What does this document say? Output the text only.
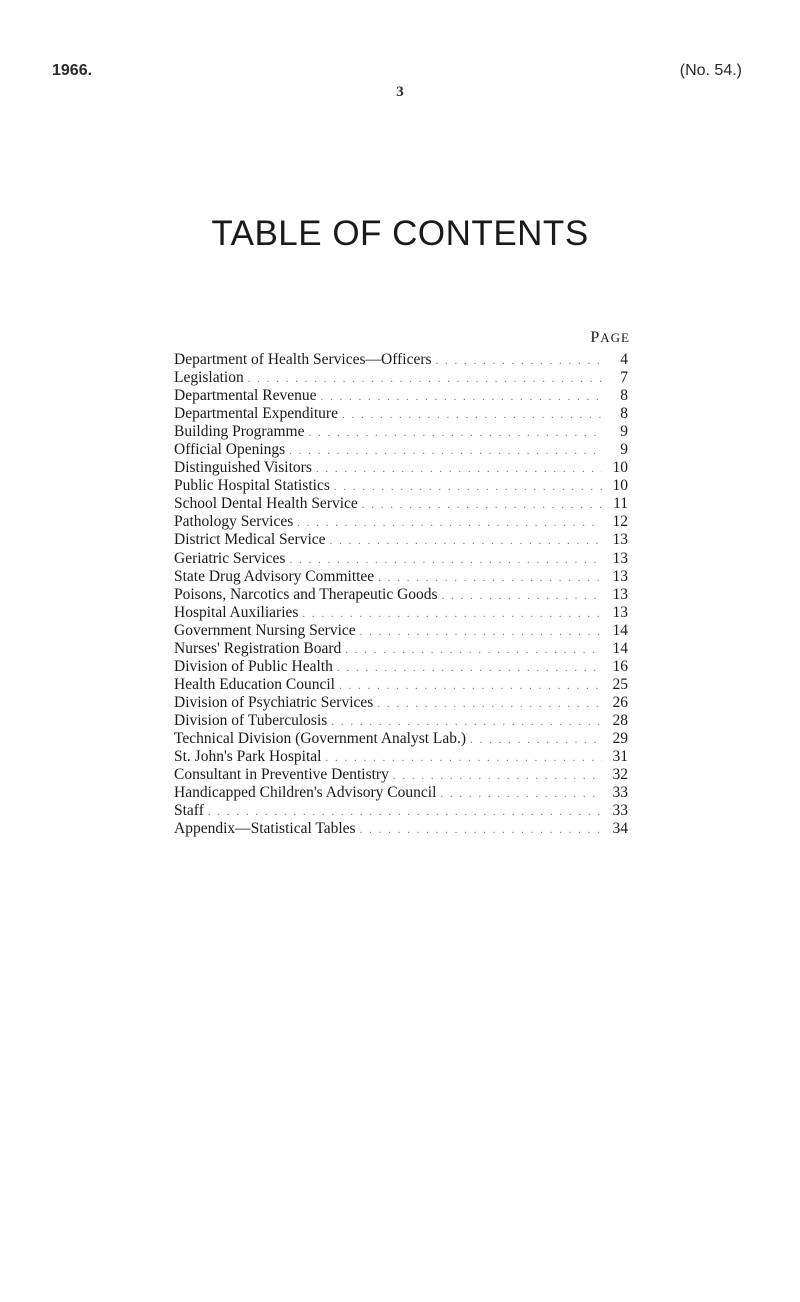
1966.	(No. 54.)
3
TABLE OF CONTENTS
PAGE
Department of Health Services—Officers . . .	4
Legislation . . .	7
Departmental Revenue . . .	8
Departmental Expenditure . . .	8
Building Programme . . .	9
Official Openings . . .	9
Distinguished Visitors . . .	10
Public Hospital Statistics . . .	10
School Dental Health Service . . .	11
Pathology Services . . .	12
District Medical Service . . .	13
Geriatric Services . . .	13
State Drug Advisory Committee . . .	13
Poisons, Narcotics and Therapeutic Goods . . .	13
Hospital Auxiliaries . . .	13
Government Nursing Service . . .	14
Nurses' Registration Board . . .	14
Division of Public Health . . .	16
Health Education Council . . .	25
Division of Psychiatric Services . . .	26
Division of Tuberculosis . . .	28
Technical Division (Government Analyst Lab.) . . .	29
St. John's Park Hospital . . .	31
Consultant in Preventive Dentistry . . .	32
Handicapped Children's Advisory Council . . .	33
Staff . . .	33
Appendix—Statistical Tables . . .	34
